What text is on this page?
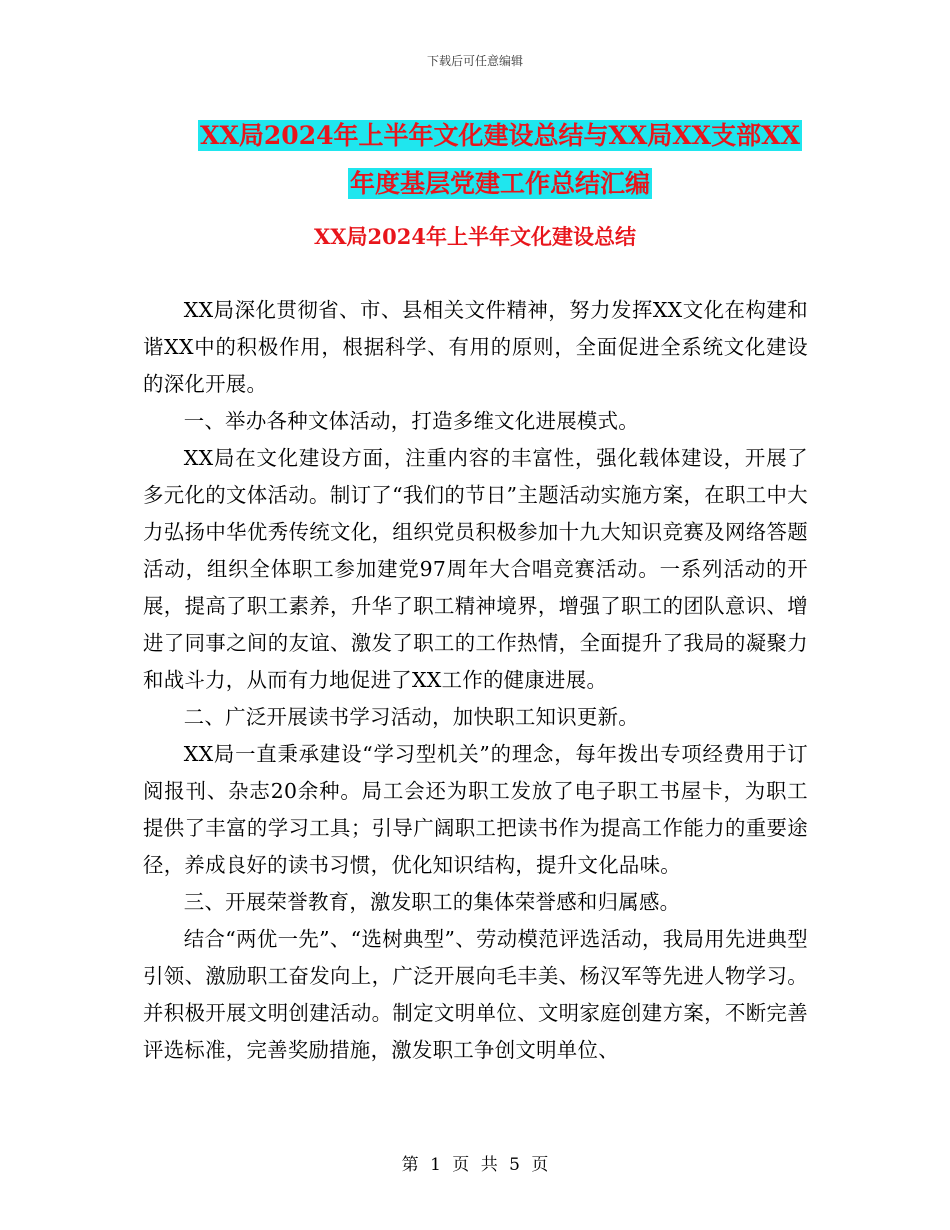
下载后可任意编辑
XX局2024年上半年文化建设总结与XX局XX支部XX
年度基层党建工作总结汇编
XX局2024年上半年文化建设总结

XX局深化贯彻省、市、县相关文件精神，努力发挥XX文化在构建和谐XX中的积极作用，根据科学、有用的原则，全面促进全系统文化建设的深化开展。

一、举办各种文体活动，打造多维文化进展模式。

XX局在文化建设方面，注重内容的丰富性，强化载体建设，开展了多元化的文体活动。制订了“我们的节日”主题活动实施方案，在职工中大力弘扬中华优秀传统文化，组织党员积极参加十九大知识竞赛及网络答题活动，组织全体职工参加建党97周年大合唱竞赛活动。一系列活动的开展，提高了职工素养，升华了职工精神境界，增强了职工的团队意识、增进了同事之间的友谊、激发了职工的工作热情，全面提升了我局的凝聚力和战斗力，从而有力地促进了XX工作的健康进展。

二、广泛开展读书学习活动，加快职工知识更新。

XX局一直秉承建设“学习型机关”的理念，每年拨出专项经费用于订阅报刊、杂志20余种。局工会还为职工发放了电子职工书屋卡，为职工提供了丰富的学习工具；引导广阔职工把读书作为提高工作能力的重要途径，养成良好的读书习惯，优化知识结构，提升文化品味。

三、开展荣誉教育，激发职工的集体荣誉感和归属感。

结合“两优一先”、“选树典型”、劳动模范评选活动，我局用先进典型引领、激励职工奋发向上，广泛开展向毛丰美、杨汉军等先进人物学习。并积极开展文明创建活动。制定文明单位、文明家庭创建方案，不断完善评选标准，完善奖励措施，激发职工争创文明单位、

第 1 页 共 5 页
